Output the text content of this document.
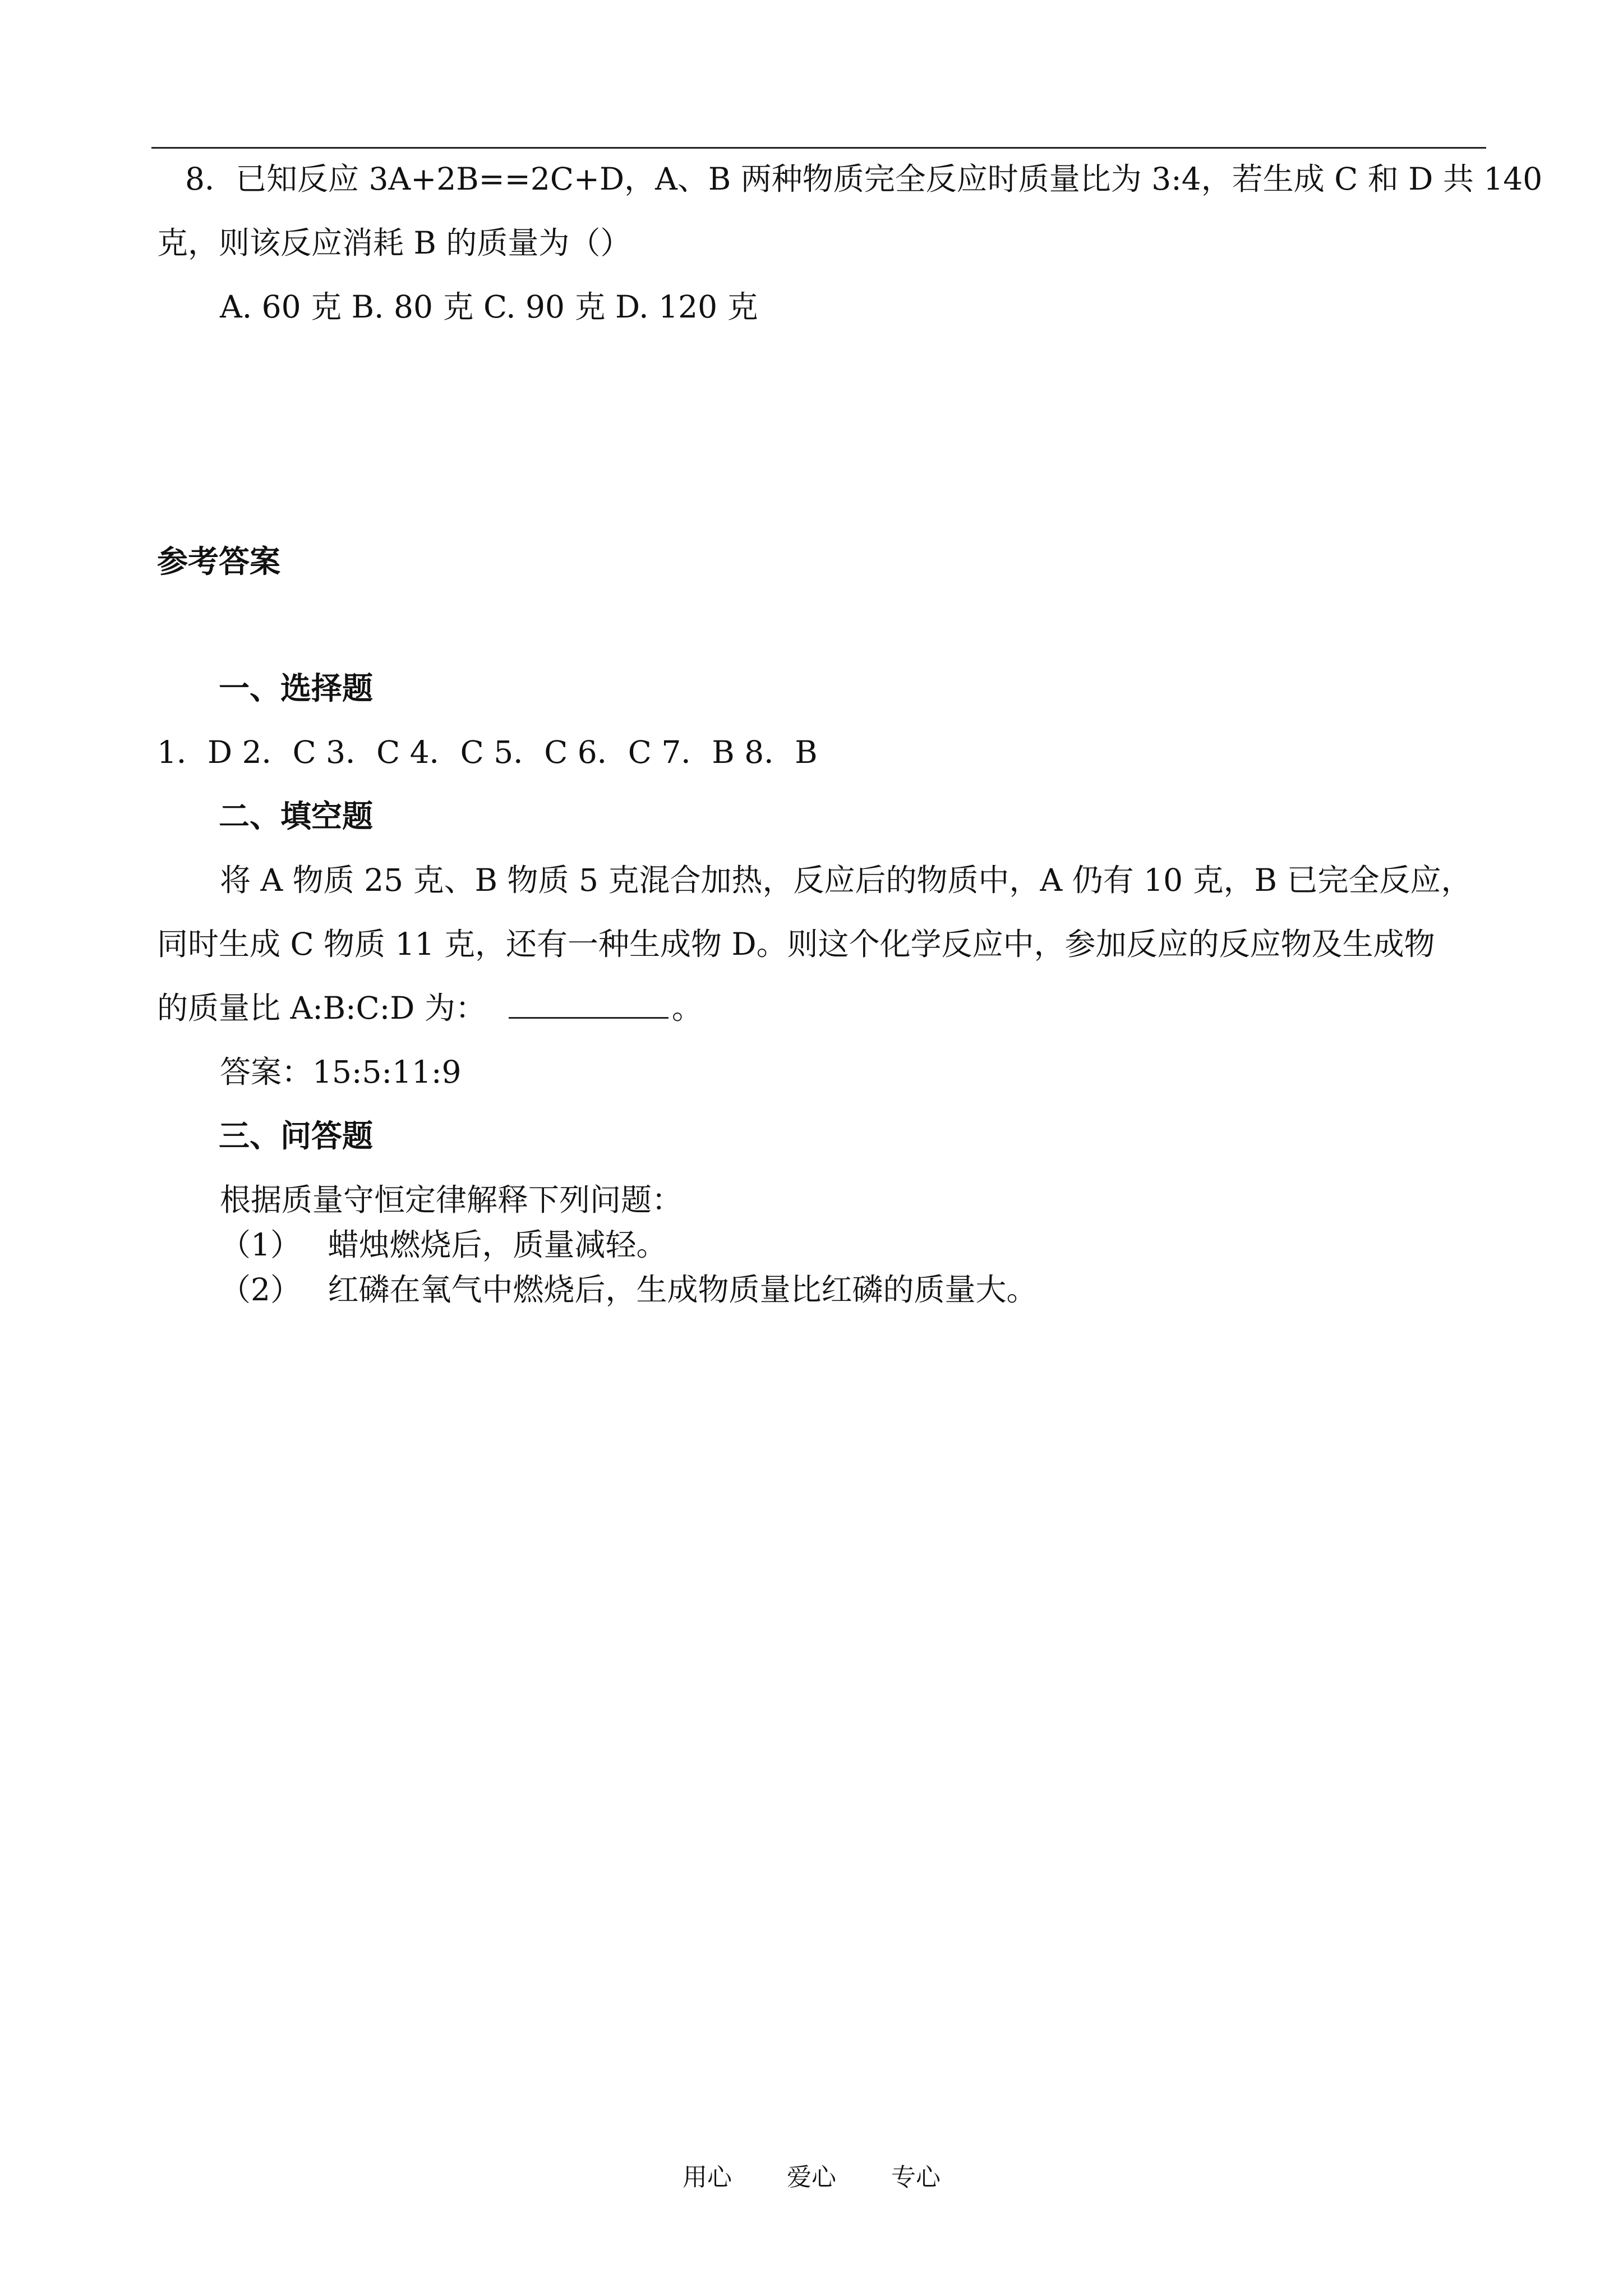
8．已知反应 3A+2B==2C+D，A、B 两种物质完全反应时质量比为 3:4，若生成 C 和 D 共 140
克，则该反应消耗 B 的质量为（）
A. 60 克 B. 80 克 C. 90 克 D. 120 克
参考答案
一、选择题
1．D 2．C 3．C 4．C 5．C 6．C 7．B 8．B
二、填空题
将 A 物质 25 克、B 物质 5 克混合加热，反应后的物质中，A 仍有 10 克，B 已完全反应，
同时生成 C 物质 11 克，还有一种生成物 D。则这个化学反应中，参加反应的反应物及生成物
的质量比 A:B:C:D 为：	。
答案：15:5:11:9
三、问答题
根据质量守恒定律解释下列问题：
（1） 蜡烛燃烧后，质量减轻。
（2） 红磷在氧气中燃烧后，生成物质量比红磷的质量大。
用心 爱心 专心
